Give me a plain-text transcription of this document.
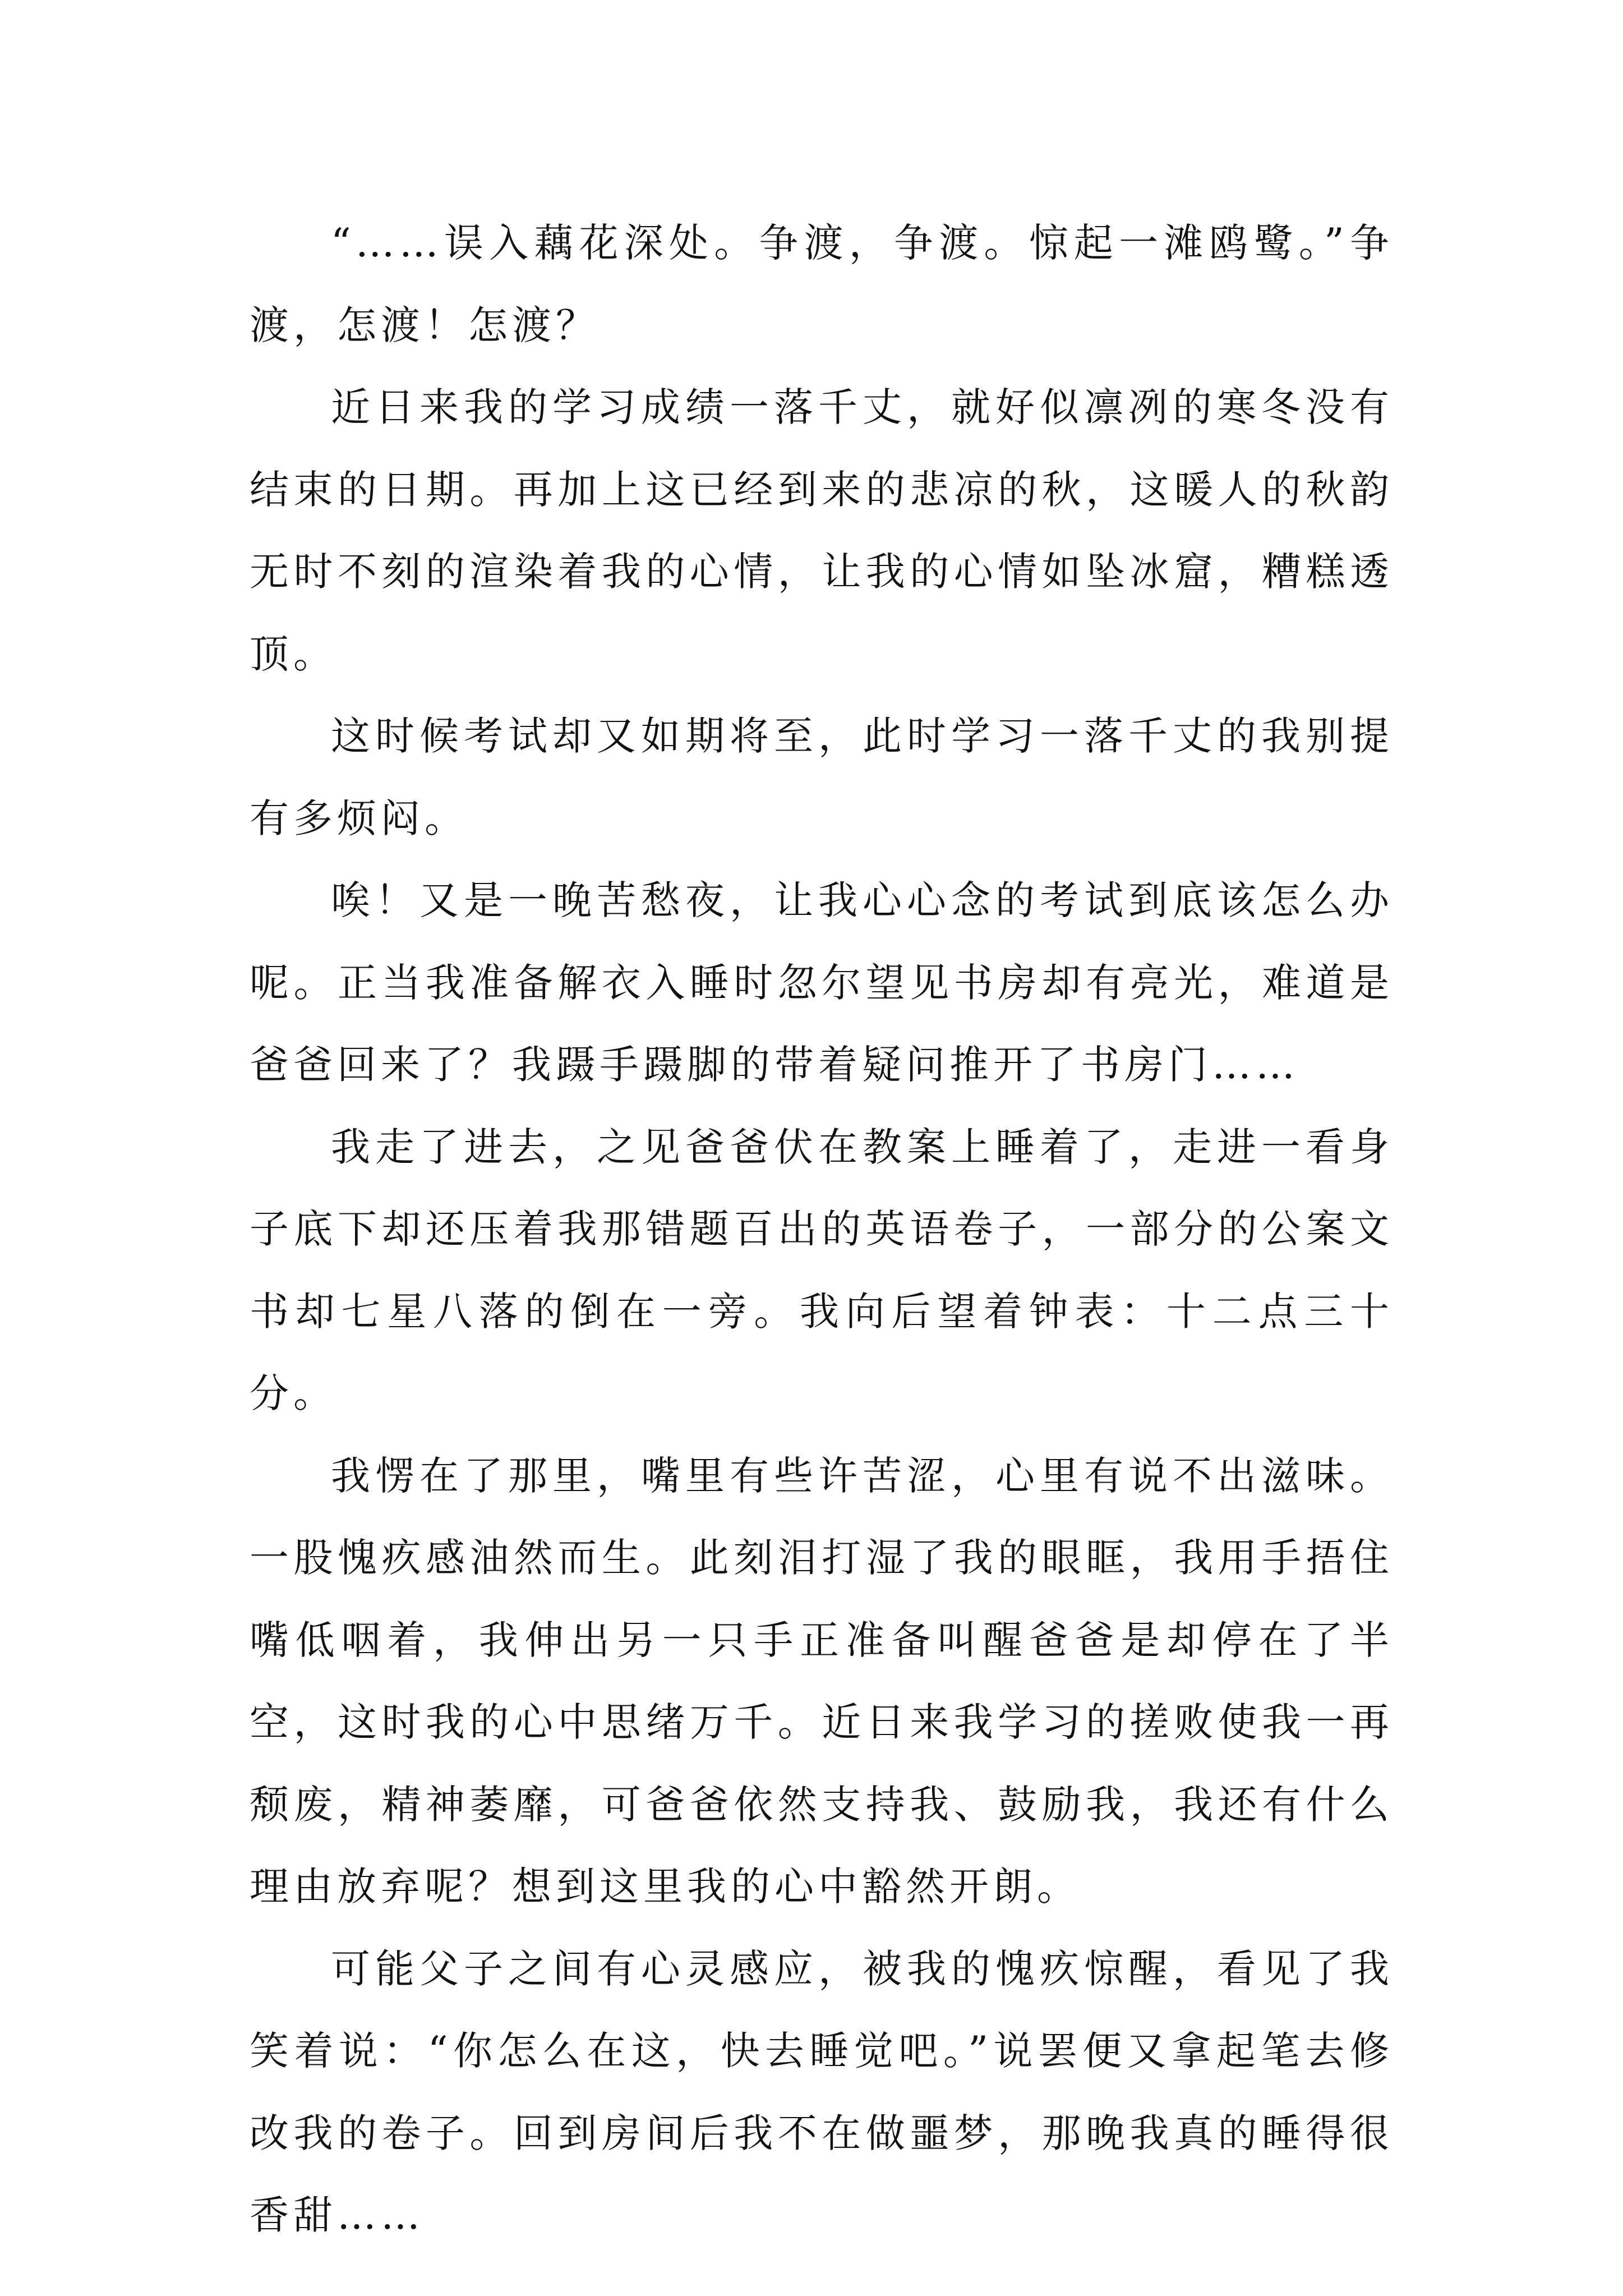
“……误入藕花深处。争渡，争渡。惊起一滩鸥鹭。”争渡，怎渡！怎渡？

近日来我的学习成绩一落千丈，就好似凛冽的寒冬没有结束的日期。再加上这已经到来的悲凉的秋，这暖人的秋韵无时不刻的渲染着我的心情，让我的心情如坠冰窟，糟糕透顶。

这时候考试却又如期将至，此时学习一落千丈的我别提有多烦闷。

唉！又是一晚苦愁夜，让我心心念的考试到底该怎么办呢。正当我准备解衣入睡时忽尔望见书房却有亮光，难道是爸爸回来了？我蹑手蹑脚的带着疑问推开了书房门……

我走了进去，之见爸爸伏在教案上睡着了，走进一看身子底下却还压着我那错题百出的英语卷子，一部分的公案文书却七星八落的倒在一旁。我向后望着钟表：十二点三十分。

我愣在了那里，嘴里有些许苦涩，心里有说不出滋味。一股愧疚感油然而生。此刻泪打湿了我的眼眶，我用手捂住嘴低咽着，我伸出另一只手正准备叫醒爸爸是却停在了半空，这时我的心中思绪万千。近日来我学习的搓败使我一再颓废，精神萎靡，可爸爸依然支持我、鼓励我，我还有什么理由放弃呢？想到这里我的心中豁然开朗。

可能父子之间有心灵感应，被我的愧疚惊醒，看见了我笑着说：“你怎么在这，快去睡觉吧。”说罢便又拿起笔去修改我的卷子。回到房间后我不在做噩梦，那晚我真的睡得很香甜……
